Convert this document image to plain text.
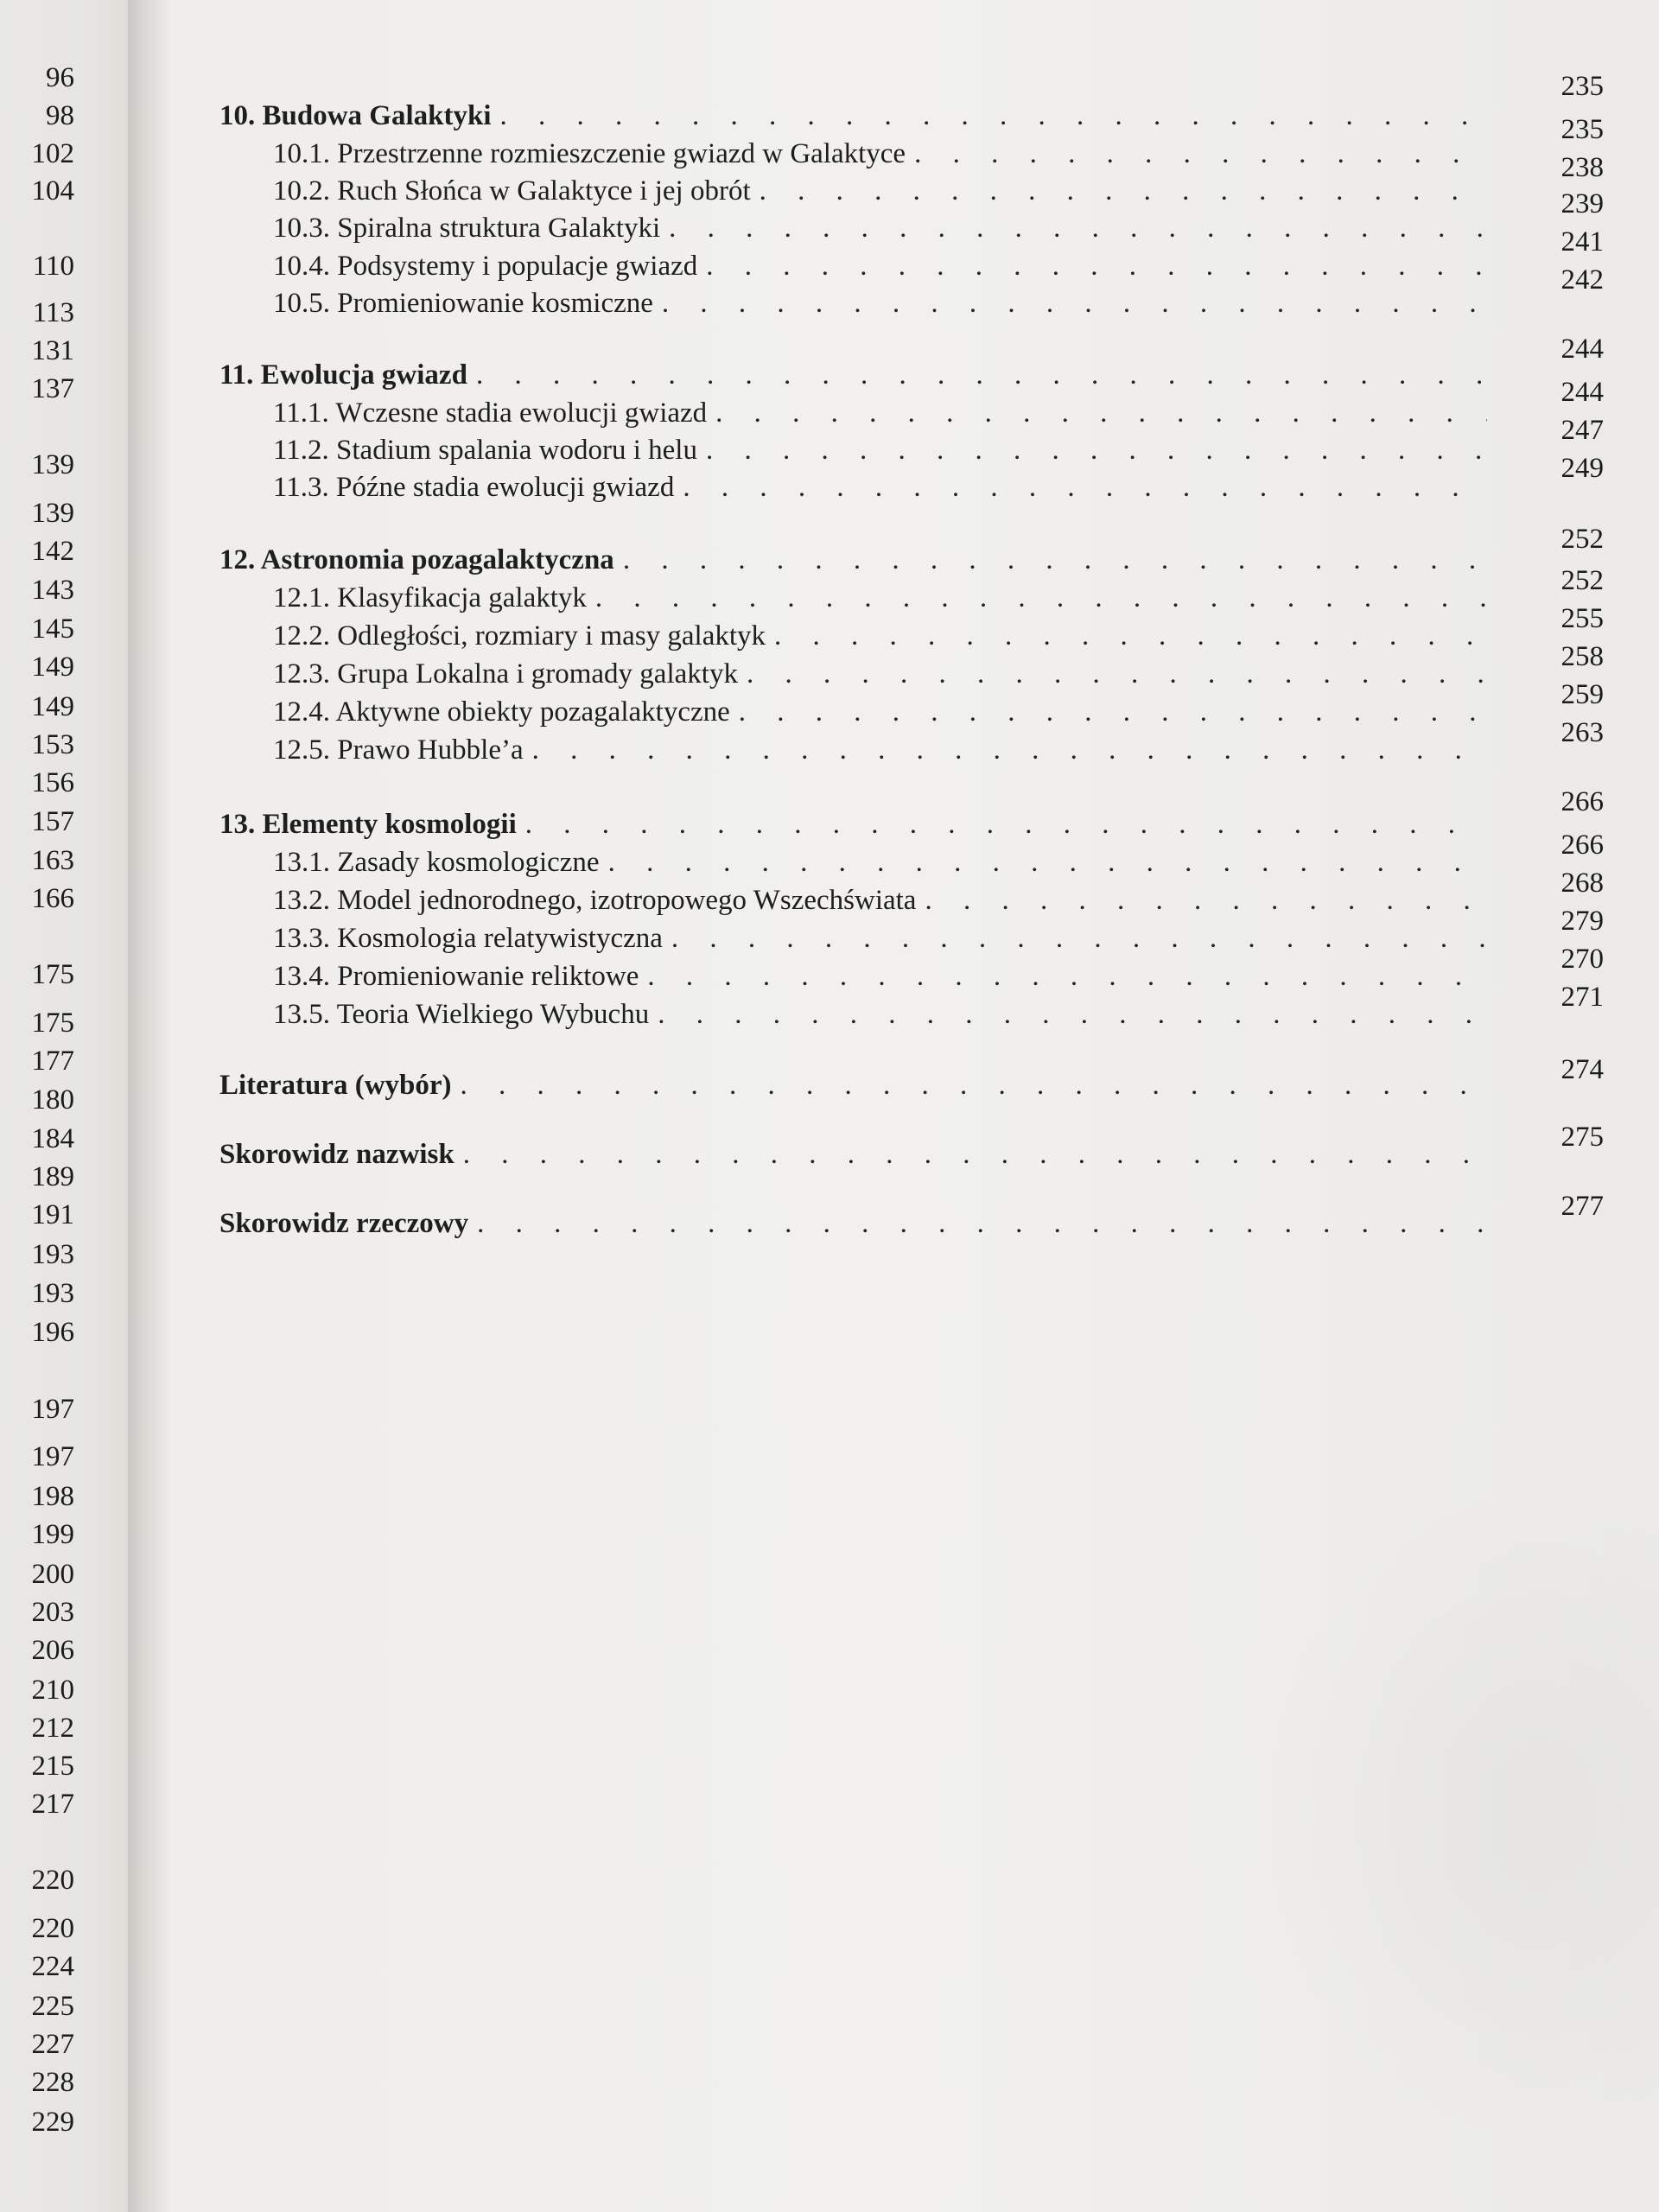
96
98
102
104
110
113
131
137
139
139
142
143
145
149
149
153
156
157
163
166
175
175
177
180
184
189
191
193
193
196
197
197
198
199
200
203
206
210
212
215
217
220
220
224
225
227
228
229
10. Budowa Galaktyki
. . .
235
10.1. Przestrzenne rozmieszczenie gwiazd w Galaktyce
. . .
235
10.2. Ruch Słońca w Galaktyce i jej obrót
. . .
238
10.3. Spiralna struktura Galaktyki
. . .
239
10.4. Podsystemy i populacje gwiazd
. . .
241
10.5. Promieniowanie kosmiczne
. . .
242
11. Ewolucja gwiazd
. . .
244
11.1. Wczesne stadia ewolucji gwiazd
. . .
244
11.2. Stadium spalania wodoru i helu
. . .
247
11.3. Późne stadia ewolucji gwiazd
. . .
249
12. Astronomia pozagalaktyczna
. . .
252
12.1. Klasyfikacja galaktyk
. . .
252
12.2. Odległości, rozmiary i masy galaktyk
. . .
255
12.3. Grupa Lokalna i gromady galaktyk
. . .
258
12.4. Aktywne obiekty pozagalaktyczne
. . .
259
12.5. Prawo Hubble’a
. . .
263
13. Elementy kosmologii
. . .
266
13.1. Zasady kosmologiczne
. . .
266
13.2. Model jednorodnego, izotropowego Wszechświata
. . .
268
13.3. Kosmologia relatywistyczna
. . .
279
13.4. Promieniowanie reliktowe
. . .
270
13.5. Teoria Wielkiego Wybuchu
. . .
271
Literatura (wybór)
. . .	274
Skorowidz nazwisk
. . .
275
Skorowidz rzeczowy
. . .
277
